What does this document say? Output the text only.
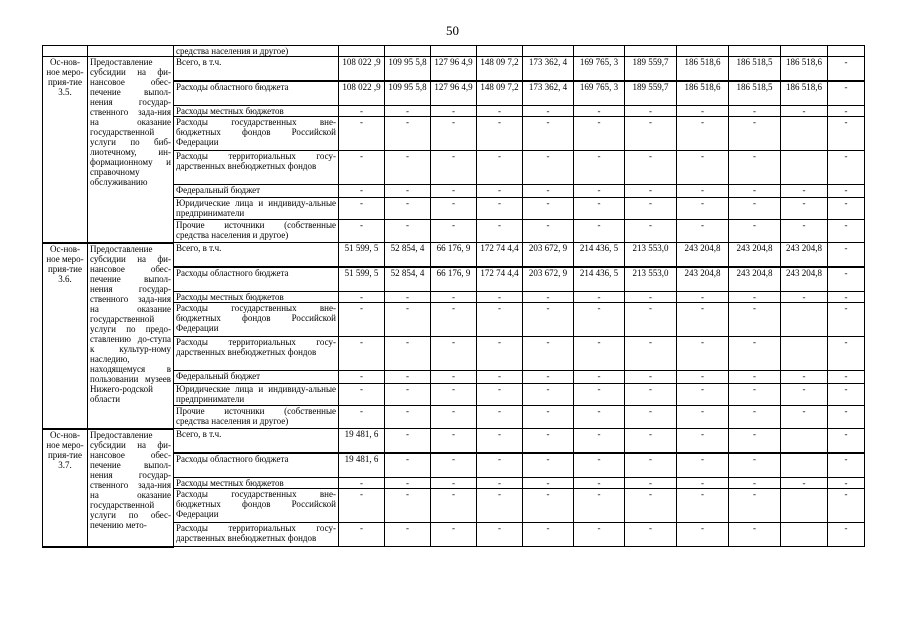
50
		средства населения и другое)											
Ос-нов-ное меро-прия-тие 3.5.	Предоставление субсидии на фи-нансовое обес-печение выпол-нения государ-ственного зада-ния на оказание государственной услуги по биб-лиотечному, ин-формационному и справочному обслуживанию	Всего, в т.ч.	108 022 ,9	109 95 5,8	127 96 4,9	148 09 7,2	173 362, 4	169 765, 3	189 559,7	186 518,6	186 518,5	186 518,6	-
		Расходы областного бюджета	108 022 ,9	109 95 5,8	127 96 4,9	148 09 7,2	173 362, 4	169 765, 3	189 559,7	186 518,6	186 518,5	186 518,6	-
		Расходы местных бюджетов	-	-	-	-	-	-	-	-	-	-	-
		Расходы государственных вне-бюджетных фондов Российской Федерации	-	-	-	-	-	-	-	-	-		-
		Расходы территориальных госу-дарственных внебюджетных фондов	-	-	-	-	-	-	-	-	-		-
		Федеральный бюджет	-	-	-	-	-	-	-	-	-	-	-
		Юридические лица и индивиду-альные предприниматели	-	-	-	-	-	-	-	-	-	-	-
		Прочие источники (собственные средства населения и другое)	-	-	-	-	-	-	-	-	-	-	-
Ос-нов-ное меро-прия-тие 3.6.	Предоставление субсидии на фи-нансовое обес-печение выпол-нения государ-ственного зада-ния на оказание государственной услуги по предо-ставлению до-ступа к культур-ному наследию, находящемуся в пользовании музеев Нижего-родской области	Всего, в т.ч.	51 599, 5	52 854, 4	66 176, 9	172 74 4,4	203 672, 9	214 436, 5	213 553,0	243 204,8	243 204,8	243 204,8	-
		Расходы областного бюджета	51 599, 5	52 854, 4	66 176, 9	172 74 4,4	203 672, 9	214 436, 5	213 553,0	243 204,8	243 204,8	243 204,8	-
		Расходы местных бюджетов	-	-	-	-	-	-	-	-	-	-	-
		Расходы государственных вне-бюджетных фондов Российской Федерации	-	-	-	-	-	-	-	-	-		-
		Расходы территориальных госу-дарственных внебюджетных фондов	-	-	-	-	-	-	-	-	-		-
		Федеральный бюджет	-	-	-	-	-	-	-	-	-	-	-
		Юридические лица и индивиду-альные предприниматели	-	-	-	-	-	-	-	-	-	-	-
		Прочие источники (собственные средства населения и другое)	-	-	-	-	-	-	-	-	-	-	-
Ос-нов-ное меро-прия-тие 3.7.	Предоставление субсидии на фи-нансовое обес-печение выпол-нения государ-ственного зада-ния на оказание государственной услуги по обес-печению мето-	Всего, в т.ч.	19 481, 6	-	-	-	-	-	-	-	-		-
		Расходы областного бюджета	19 481, 6	-	-	-	-	-	-	-	-		-
		Расходы местных бюджетов	-	-	-	-	-	-	-	-	-	-	-
		Расходы государственных вне-бюджетных фондов Российской Федерации	-	-	-	-	-	-	-	-	-		-
		Расходы территориальных госу-дарственных внебюджетных фондов	-	-	-	-	-	-	-	-	-		-
